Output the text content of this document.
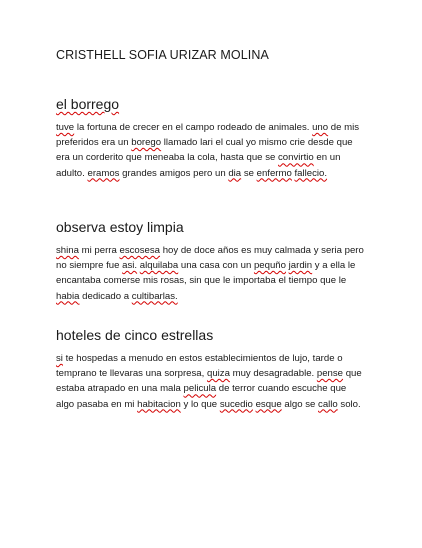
CRISTHELL SOFIA URIZAR MOLINA

el borrego

tuve la fortuna de crecer en el campo rodeado de animales. uno de mis preferidos era un borego llamado lari el cual yo mismo crie desde que era un corderito que meneaba la cola, hasta que se convirtio en un adulto. eramos grandes amigos pero un dia se enfermo fallecio.

observa estoy limpia

shina mi perra escosesa hoy de doce años es muy calmada y seria pero no siempre fue asi. alquilaba una casa con un pequño jardin y a ella le encantaba comerse mis rosas, sin que le importaba el tiempo que le habia dedicado a cultibarlas.

hoteles de cinco estrellas

si te hospedas a menudo en estos establecimientos de lujo, tarde o temprano te llevaras una sorpresa, quiza muy desagradable. pense que estaba atrapado en una mala pelicula de terror cuando escuche que algo pasaba en mi habitacion y lo que sucedio esque algo se callo solo.
